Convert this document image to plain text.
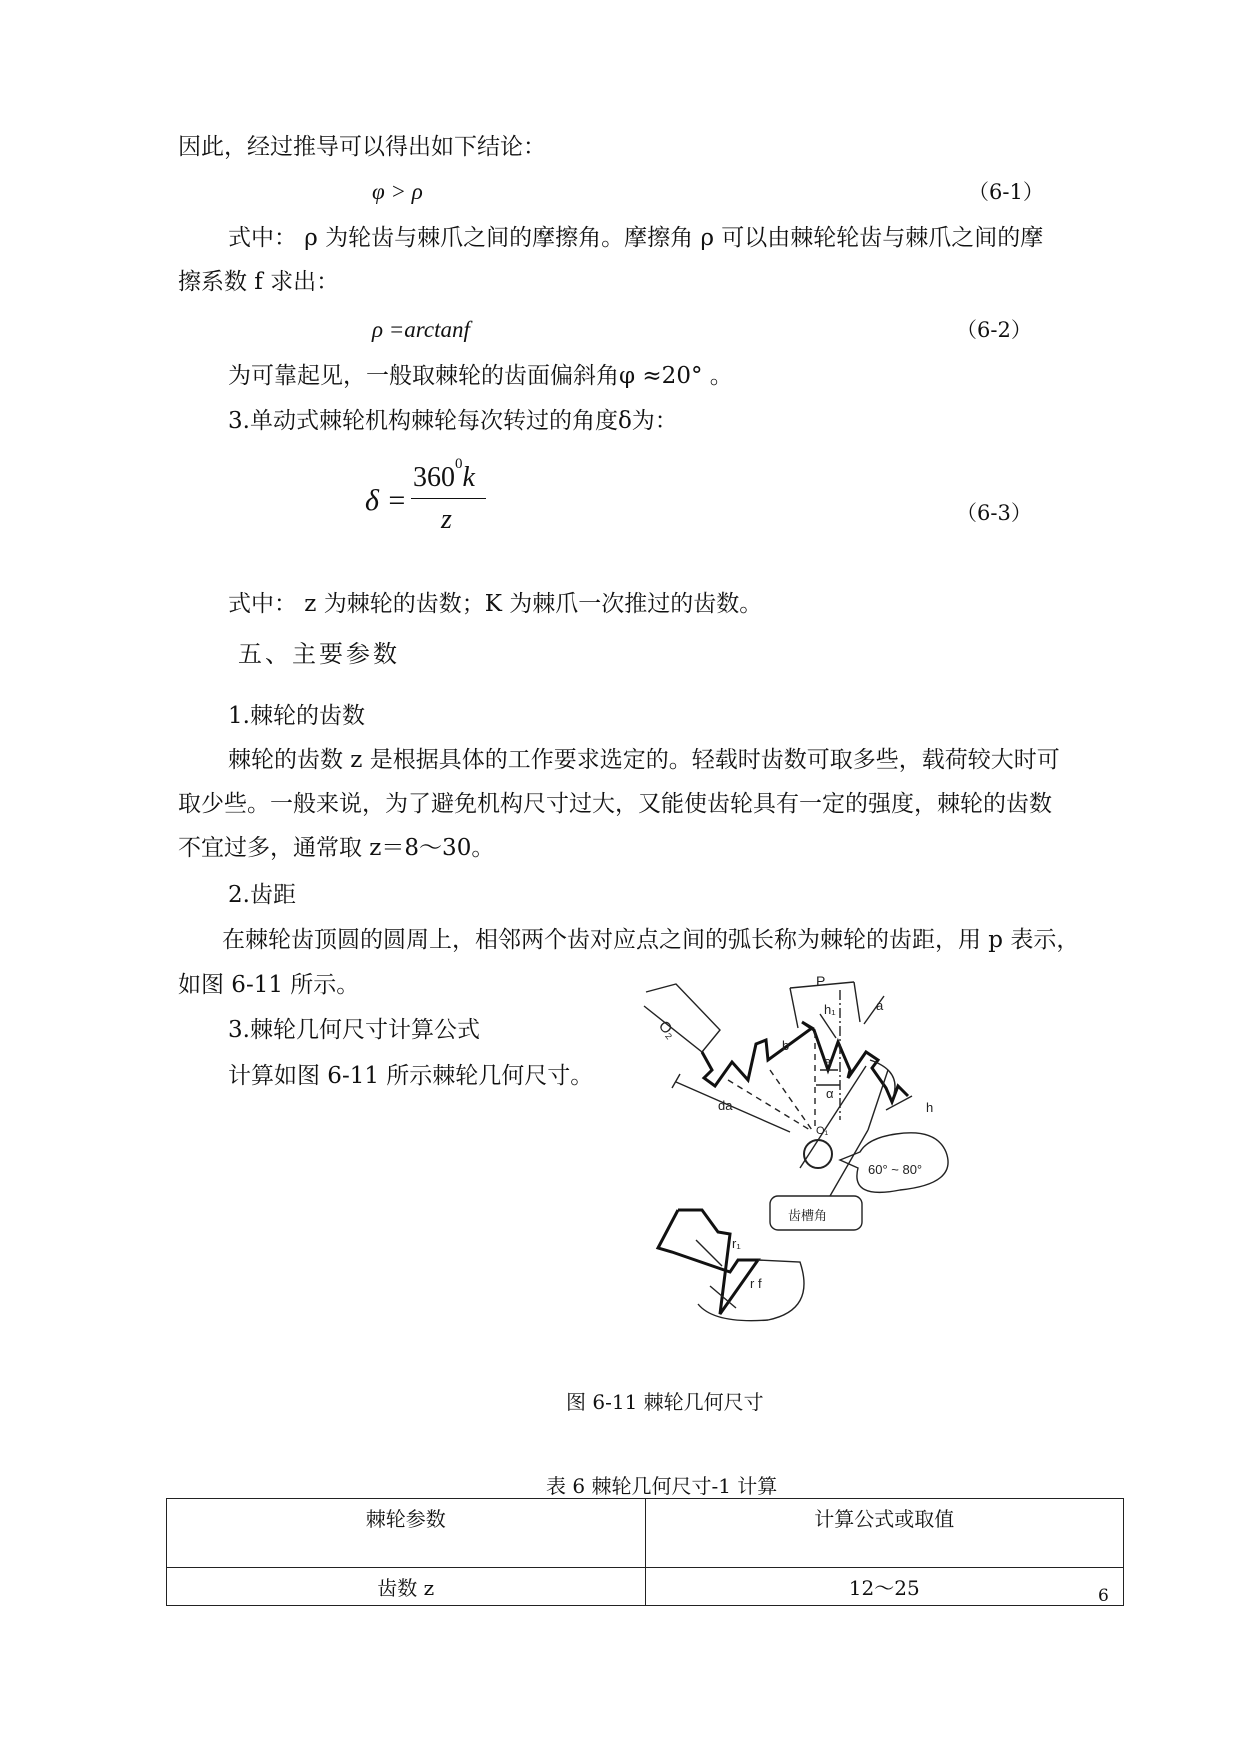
因此，经过推导可以得出如下结论：
φ > ρ	（6-1）
式中： ρ 为轮齿与棘爪之间的摩擦角。摩擦角 ρ 可以由棘轮轮齿与棘爪之间的摩
擦系数 f 求出：
ρ =arctanf	（6-2）
为可靠起见，一般取棘轮的齿面偏斜角φ ≈20° 。
3.单动式棘轮机构棘轮每次转过的角度δ为：
δ =
$360^0k$
z	（6-3）
式中： z 为棘轮的齿数；K 为棘爪一次推过的齿数。
五、主要参数
1.棘轮的齿数
棘轮的齿数 z 是根据具体的工作要求选定的。轻载时齿数可取多些，载荷较大时可
取少些。一般来说，为了避免机构尺寸过大，又能使齿轮具有一定的强度，棘轮的齿数
不宜过多，通常取 z＝8～30。
2.齿距
在棘轮齿顶圆的圆周上，相邻两个齿对应点之间的弧长称为棘轮的齿距，用 p 表示，
如图 6-11 所示。
3.棘轮几何尺寸计算公式
计算如图 6-11 所示棘轮几何尺寸。
O₂
P
h₁	a
b
a
α
da
O₁
h
60° ~ 80°
齿槽角
r₁
r f
图 6-11 棘轮几何尺寸
表 6 棘轮几何尺寸-1 计算
棘轮参数	计算公式或取值
齿数 z	12～25	6
